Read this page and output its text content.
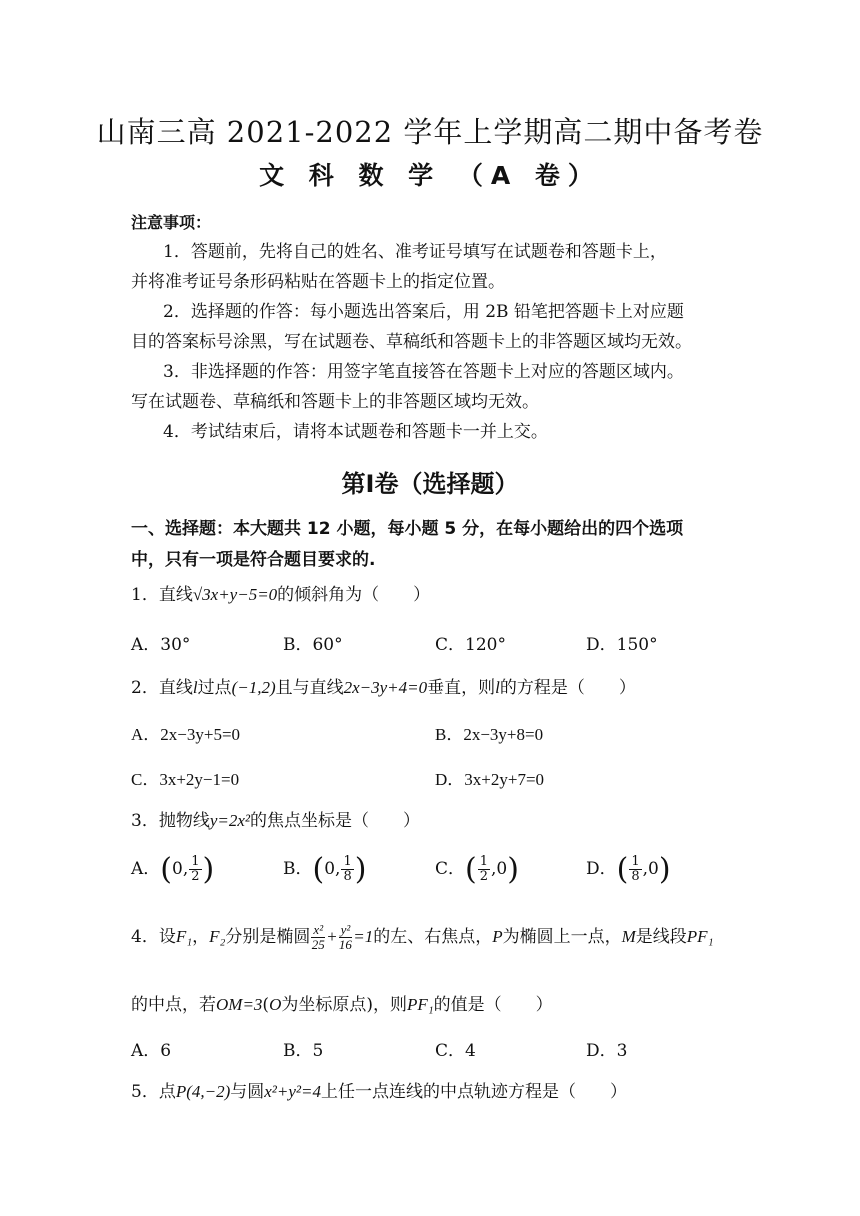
山南三高 2021-2022 学年上学期高二期中备考卷
文 科 数 学 （A 卷）
注意事项：
1．答题前，先将自己的姓名、准考证号填写在试题卷和答题卡上，
并将准考证号条形码粘贴在答题卡上的指定位置。
2．选择题的作答：每小题选出答案后，用 2B 铅笔把答题卡上对应题
目的答案标号涂黑，写在试题卷、草稿纸和答题卡上的非答题区域均无效。
3．非选择题的作答：用签字笔直接答在答题卡上对应的答题区域内。
写在试题卷、草稿纸和答题卡上的非答题区域均无效。
4．考试结束后，请将本试题卷和答题卡一并上交。
第Ⅰ卷（选择题）
一、选择题：本大题共 12 小题，每小题 5 分，在每小题给出的四个选项
中，只有一项是符合题目要求的.
1．直线√3x+y−5=0的倾斜角为（　　）
A．30°	B．60°	C．120°	D．150°
2．直线l过点(−1,2)且与直线2x−3y+4=0垂直，则l的方程是（　　）
A．2x−3y+5=0	B．2x−3y+8=0
C．3x+2y−1=0	D．3x+2y+7=0
3．抛物线y=2x²的焦点坐标是（　　）
A．(0, $\frac{1}{2}$ )	B．(0, $\frac{1}{8}$ )	C．( $\frac{1}{2} ,0$)	D．( $\frac{1}{8} ,0$)
4．设F₁，F₂分别是椭圆 $\frac{\text{x²}}{25} + \frac{\text{y²}}{16} =1$的左、右焦点，P为椭圆上一点，M是线段PF₁
的中点，若OM=3(O为坐标原点)，则PF₁的值是（　　）
A．6	B．5	C．4	D．3
5．点P(4,−2)与圆x²+y²=4上任一点连线的中点轨迹方程是（　　）
